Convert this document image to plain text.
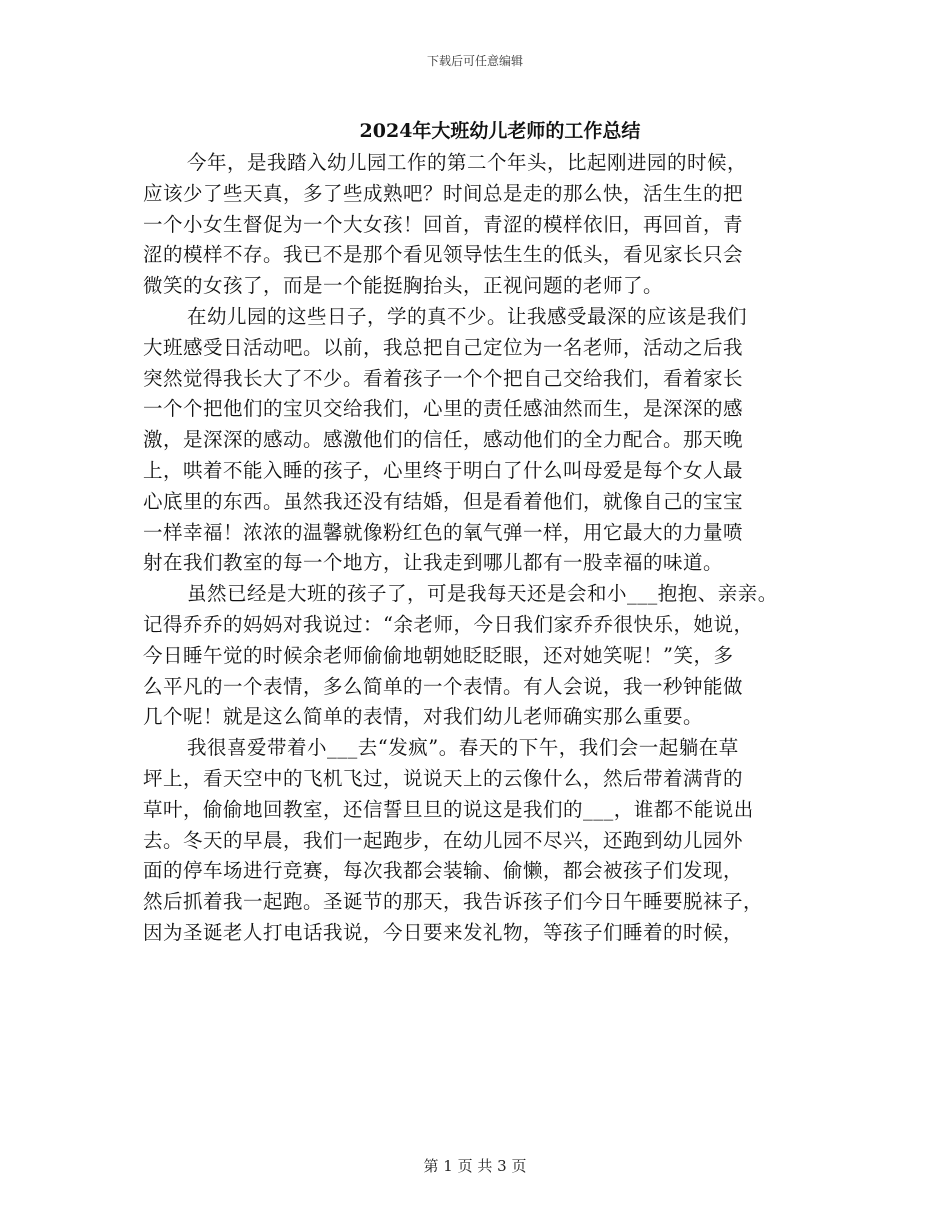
下载后可任意编辑
2024年大班幼儿老师的工作总结
今年，是我踏入幼儿园工作的第二个年头，比起刚进园的时候，
应该少了些天真，多了些成熟吧？时间总是走的那么快，活生生的把
一个小女生督促为一个大女孩！回首，青涩的模样依旧，再回首，青
涩的模样不存。我已不是那个看见领导怯生生的低头，看见家长只会
微笑的女孩了，而是一个能挺胸抬头，正视问题的老师了。
在幼儿园的这些日子，学的真不少。让我感受最深的应该是我们
大班感受日活动吧。以前，我总把自己定位为一名老师，活动之后我
突然觉得我长大了不少。看着孩子一个个把自己交给我们，看着家长
一个个把他们的宝贝交给我们，心里的责任感油然而生，是深深的感
激，是深深的感动。感激他们的信任，感动他们的全力配合。那天晚
上，哄着不能入睡的孩子，心里终于明白了什么叫母爱是每个女人最
心底里的东西。虽然我还没有结婚，但是看着他们，就像自己的宝宝
一样幸福！浓浓的温馨就像粉红色的氧气弹一样，用它最大的力量喷
射在我们教室的每一个地方，让我走到哪儿都有一股幸福的味道。
虽然已经是大班的孩子了，可是我每天还是会和小___抱抱、亲亲。
记得乔乔的妈妈对我说过：“余老师，今日我们家乔乔很快乐，她说，
今日睡午觉的时候余老师偷偷地朝她眨眨眼，还对她笑呢！”笑，多
么平凡的一个表情，多么简单的一个表情。有人会说，我一秒钟能做
几个呢！就是这么简单的表情，对我们幼儿老师确实那么重要。
我很喜爱带着小___去“发疯”。春天的下午，我们会一起躺在草
坪上，看天空中的飞机飞过，说说天上的云像什么，然后带着满背的
草叶，偷偷地回教室，还信誓旦旦的说这是我们的___，谁都不能说出
去。冬天的早晨，我们一起跑步，在幼儿园不尽兴，还跑到幼儿园外
面的停车场进行竞赛，每次我都会装输、偷懒，都会被孩子们发现，
然后抓着我一起跑。圣诞节的那天，我告诉孩子们今日午睡要脱袜子，
因为圣诞老人打电话我说，今日要来发礼物，等孩子们睡着的时候，
第 1 页 共 3 页
